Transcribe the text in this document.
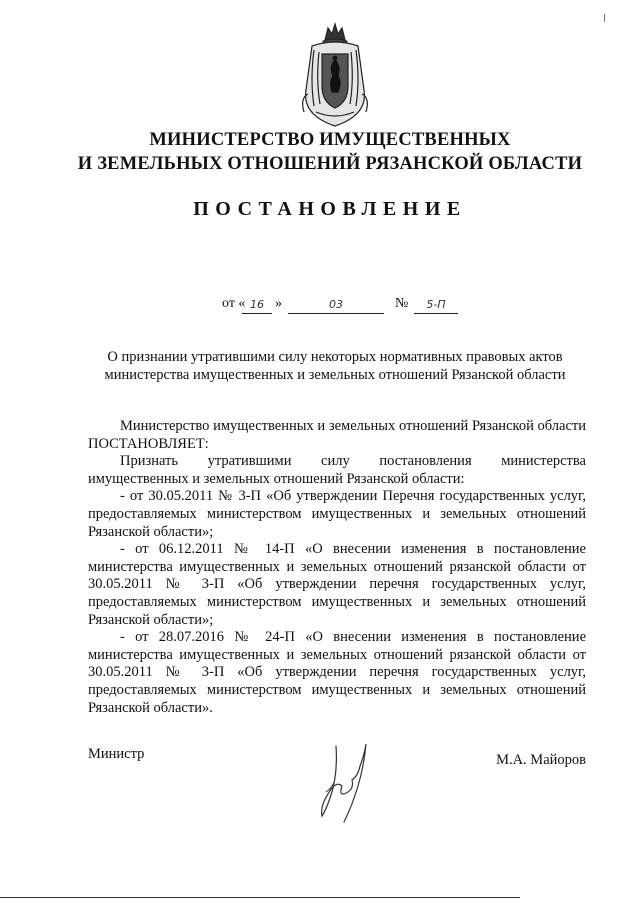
МИНИСТЕРСТВО ИМУЩЕСТВЕННЫХ
И ЗЕМЕЛЬНЫХ ОТНОШЕНИЙ РЯЗАНСКОЙ ОБЛАСТИ
ПОСТАНОВЛЕНИЕ
от « 16 »	03	№	5-П
О признании утратившими силу некоторых нормативных правовых актов
министерства имущественных и земельных отношений Рязанской области

Министерство имущественных и земельных отношений Рязанской области ПОСТАНОВЛЯЕТ:

Признать утратившими силу постановления министерства имущественных и земельных отношений Рязанской области:

- от 30.05.2011 № 3-П «Об утверждении Перечня государственных услуг, предоставляемых министерством имущественных и земельных отношений Рязанской области»;

- от 06.12.2011 № 14-П «О внесении изменения в постановление министерства имущественных и земельных отношений рязанской области от 30.05.2011 № 3-П «Об утверждении перечня государственных услуг, предоставляемых министерством имущественных и земельных отношений Рязанской области»;

- от 28.07.2016 № 24-П «О внесении изменения в постановление министерства имущественных и земельных отношений рязанской области от 30.05.2011 № 3-П «Об утверждении перечня государственных услуг, предоставляемых министерством имущественных и земельных отношений Рязанской области».

Министр	М.А. Майоров
